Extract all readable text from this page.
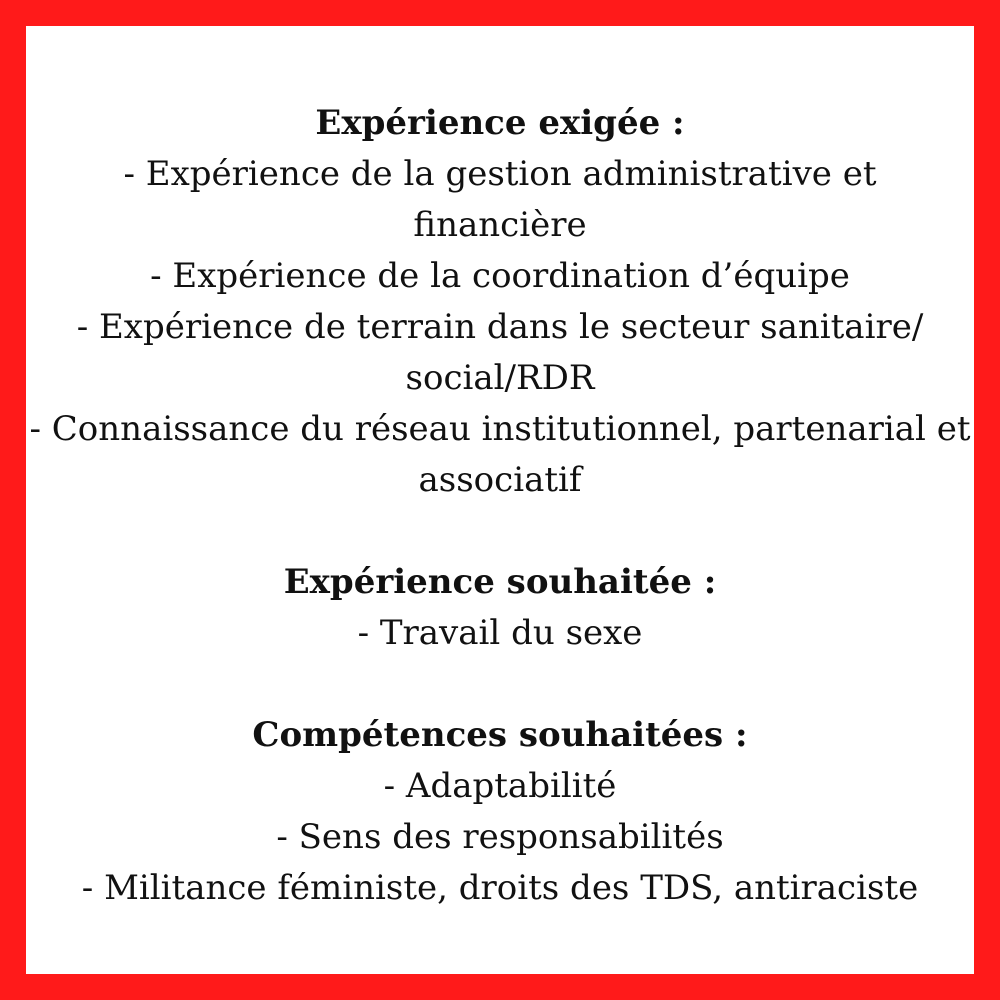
Expérience exigée :
- Expérience de la gestion administrative et financière
- Expérience de la coordination d’équipe
- Expérience de terrain dans le secteur sanitaire/ social/RDR
- Connaissance du réseau institutionnel, partenarial et associatif
Expérience souhaitée :
- Travail du sexe
Compétences souhaitées :
- Adaptabilité
- Sens des responsabilités
- Militance féministe, droits des TDS, antiraciste
